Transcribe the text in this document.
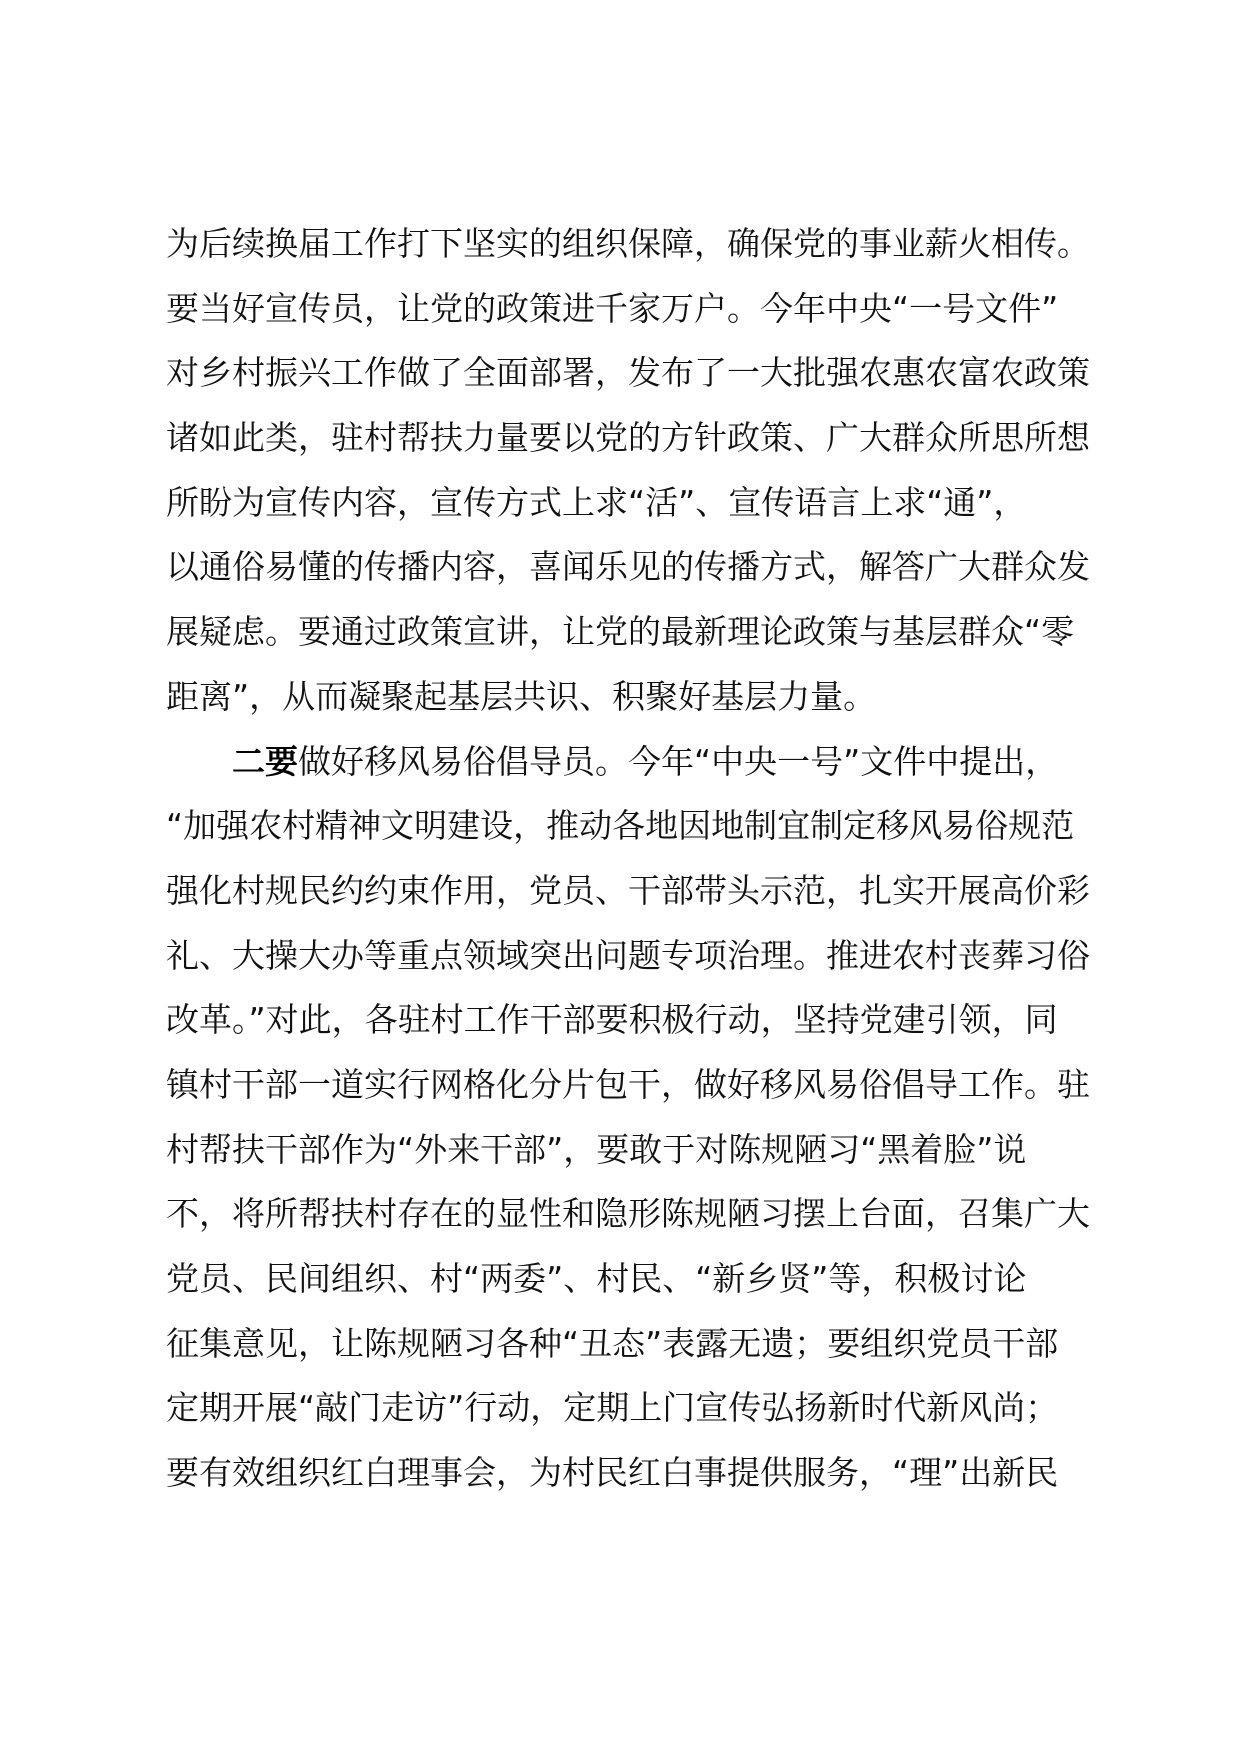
为后续换届工作打下坚实的组织保障，确保党的事业薪火相传。
要当好宣传员，让党的政策进千家万户。今年中央“一号文件”
对乡村振兴工作做了全面部署，发布了一大批强农惠农富农政策
诸如此类，驻村帮扶力量要以党的方针政策、广大群众所思所想
所盼为宣传内容，宣传方式上求“活”、宣传语言上求“通”，
以通俗易懂的传播内容，喜闻乐见的传播方式，解答广大群众发
展疑虑。要通过政策宣讲，让党的最新理论政策与基层群众“零
距离”，从而凝聚起基层共识、积聚好基层力量。
二要做好移风易俗倡导员。今年“中央一号”文件中提出，
“加强农村精神文明建设，推动各地因地制宜制定移风易俗规范
强化村规民约约束作用，党员、干部带头示范，扎实开展高价彩
礼、大操大办等重点领域突出问题专项治理。推进农村丧葬习俗
改革。”对此，各驻村工作干部要积极行动，坚持党建引领，同
镇村干部一道实行网格化分片包干，做好移风易俗倡导工作。驻
村帮扶干部作为“外来干部”，要敢于对陈规陋习“黑着脸”说
不，将所帮扶村存在的显性和隐形陈规陋习摆上台面，召集广大
党员、民间组织、村“两委”、村民、“新乡贤”等，积极讨论
征集意见，让陈规陋习各种“丑态”表露无遗；要组织党员干部
定期开展“敲门走访”行动，定期上门宣传弘扬新时代新风尚；
要有效组织红白理事会，为村民红白事提供服务，“理”出新民
